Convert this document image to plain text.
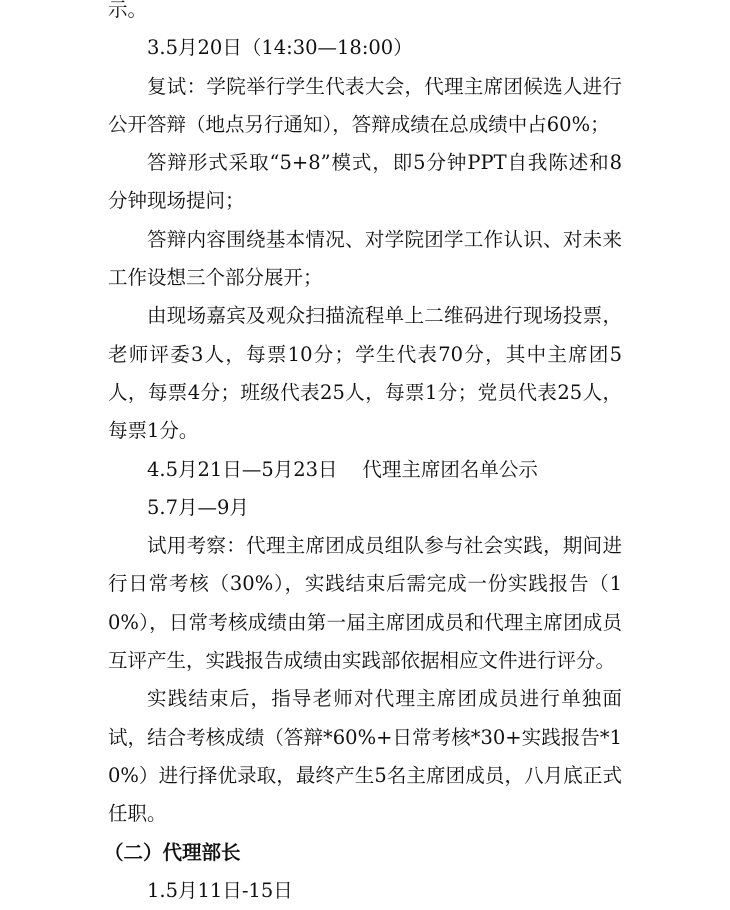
示。

3.5月20日（14:30—18:00）

复试：学院举行学生代表大会，代理主席团候选人进行公开答辩（地点另行通知），答辩成绩在总成绩中占60%；

答辩形式采取“5+8”模式，即5分钟PPT自我陈述和8分钟现场提问；

答辩内容围绕基本情况、对学院团学工作认识、对未来工作设想三个部分展开；

由现场嘉宾及观众扫描流程单上二维码进行现场投票，老师评委3人，每票10分；学生代表70分，其中主席团5人，每票4分；班级代表25人，每票1分；党员代表25人，每票1分。

4.5月21日—5月23日    代理主席团名单公示

5.7月—9月

试用考察：代理主席团成员组队参与社会实践，期间进行日常考核（30%），实践结束后需完成一份实践报告（10%），日常考核成绩由第一届主席团成员和代理主席团成员互评产生，实践报告成绩由实践部依据相应文件进行评分。

实践结束后，指导老师对代理主席团成员进行单独面试，结合考核成绩（答辩*60%+日常考核*30+实践报告*10%）进行择优录取，最终产生5名主席团成员，八月底正式任职。

（二）代理部长

1.5月11日-15日
